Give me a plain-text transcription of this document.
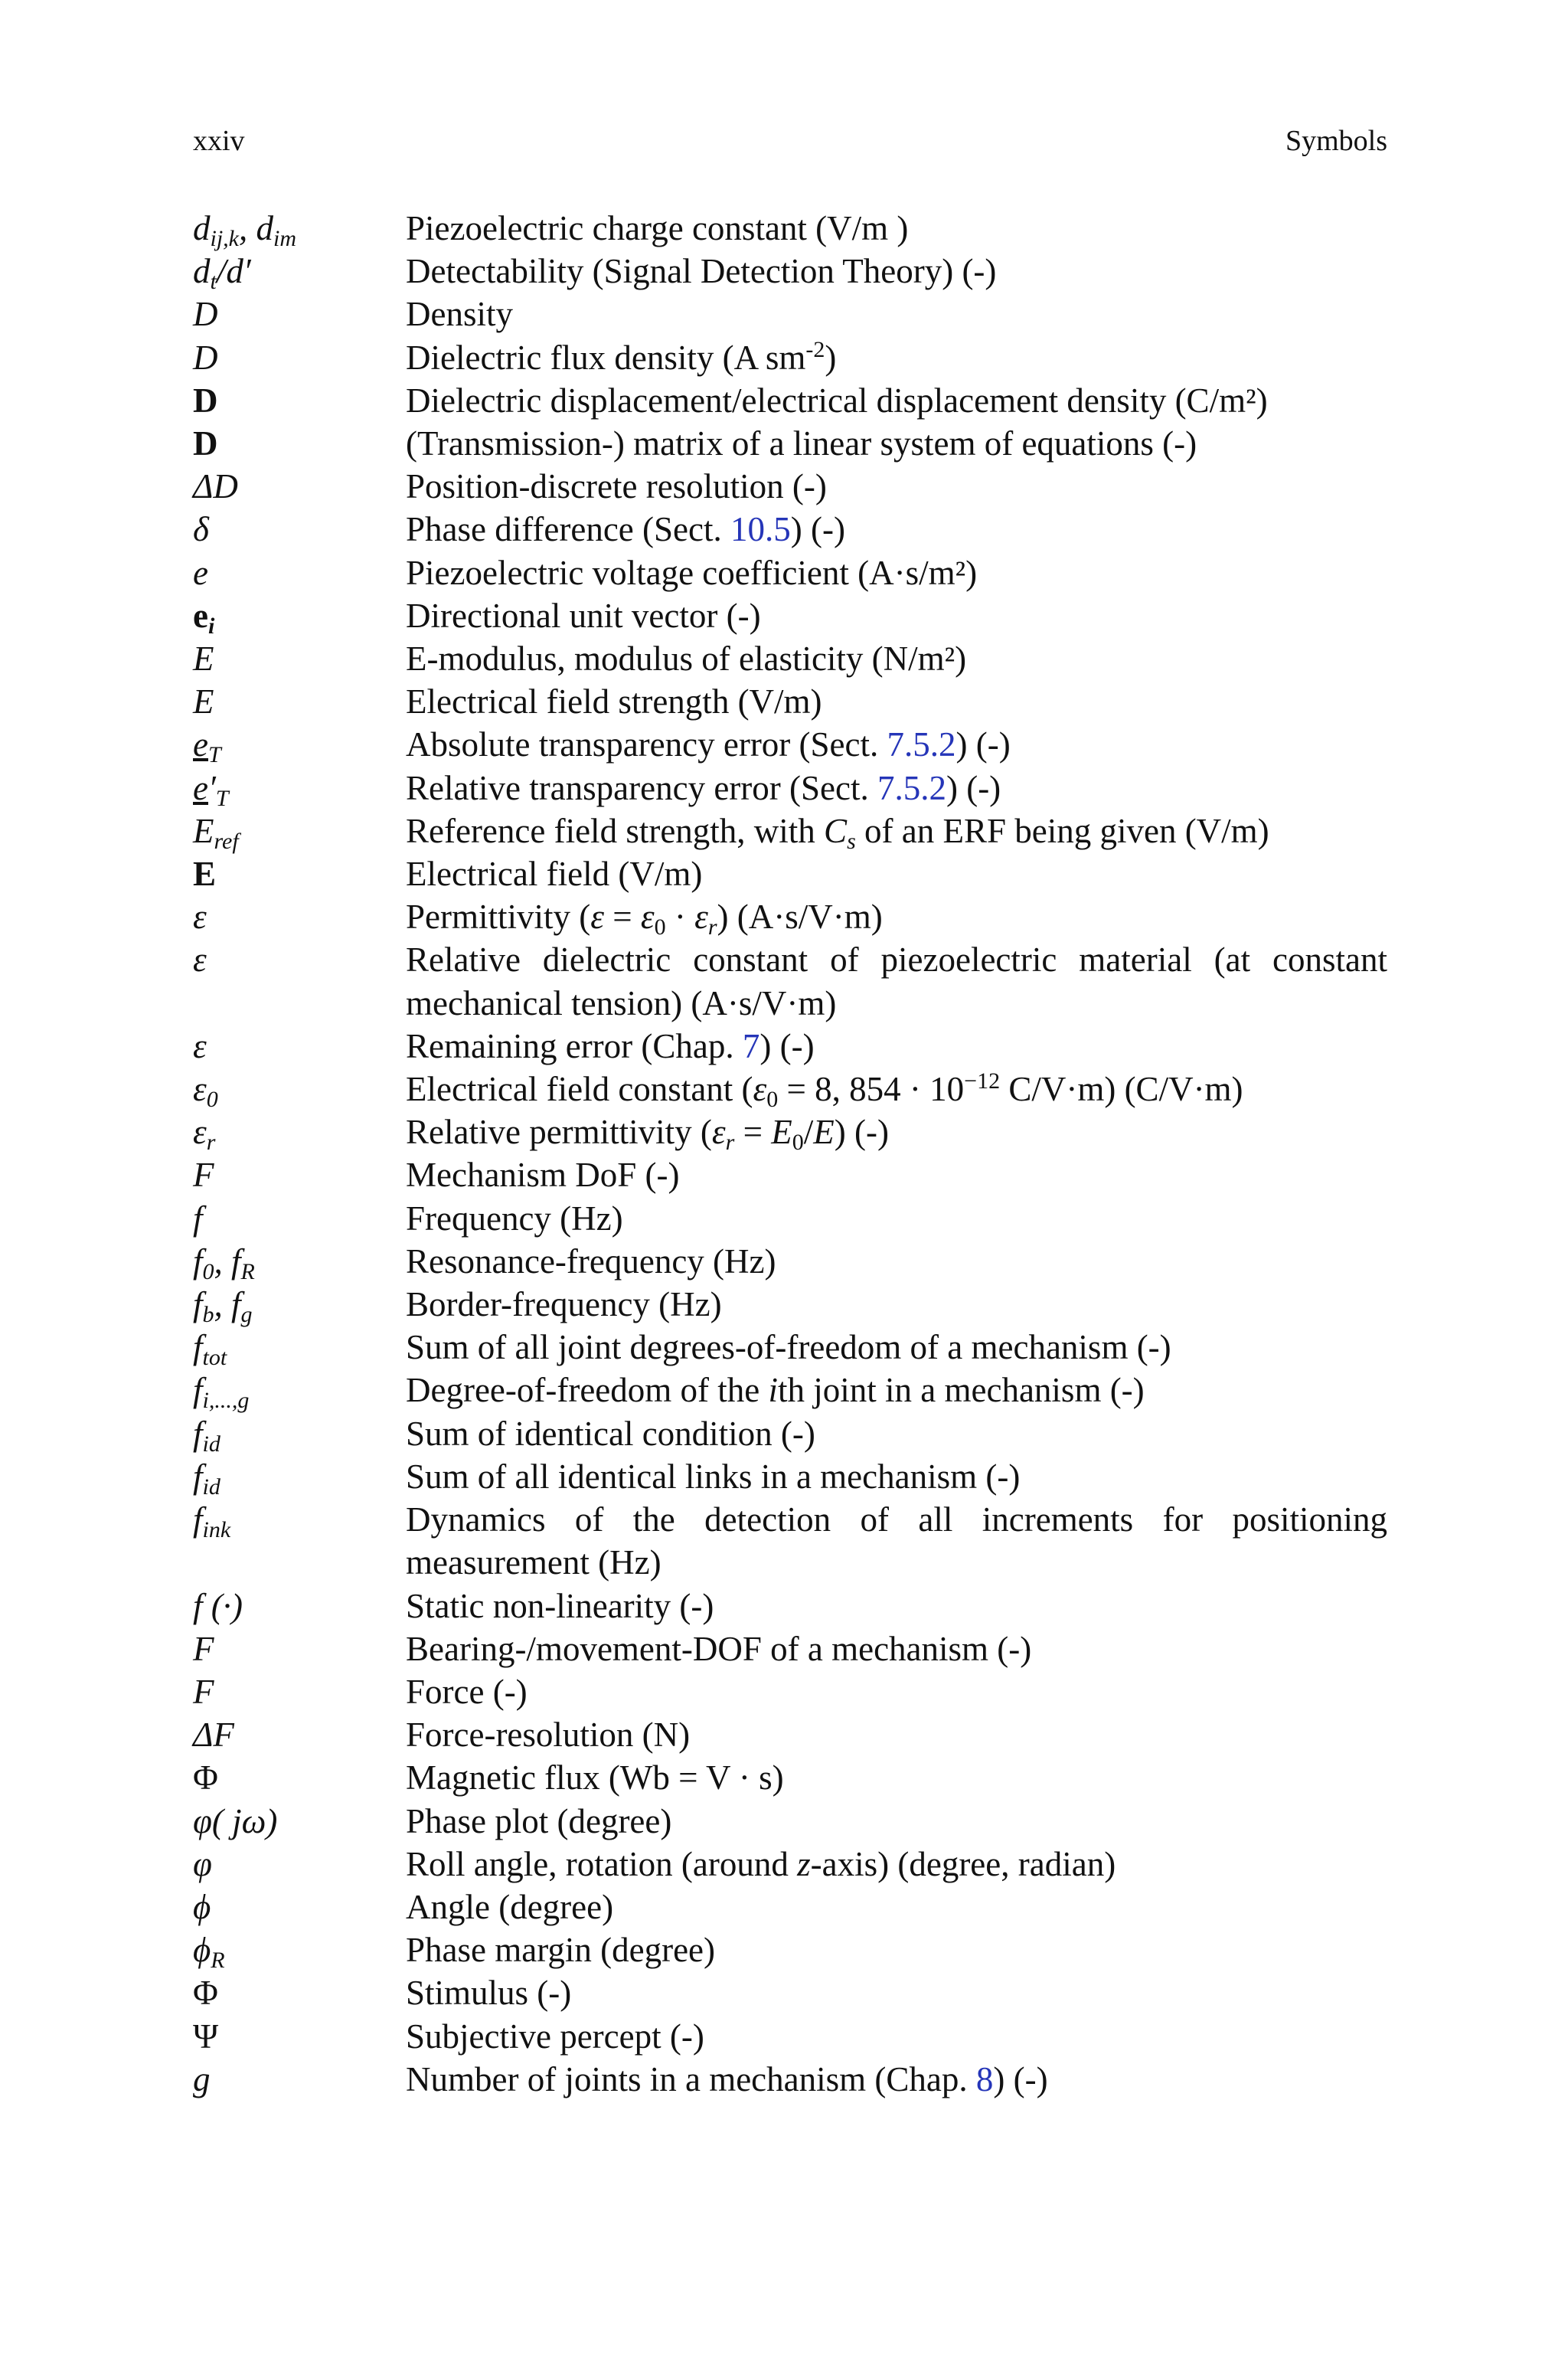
xxiv	Symbols
$d_{ij,k}$, $d_{im}$	Piezoelectric charge constant (V/m )
$d_t/d'$	Detectability (Signal Detection Theory) (-)
D	Density
D	Dielectric flux density (A $sm^{-2}$)
D	Dielectric displacement/electrical displacement density (C/m²)
D	(Transmission-) matrix of a linear system of equations (-)
ΔD	Position-discrete resolution (-)
δ	Phase difference (Sect. 10.5) (-)
e	Piezoelectric voltage coefficient (A·s/m²)
$e_i$	Directional unit vector (-)
E	E-modulus, modulus of elasticity (N/m²)
E	Electrical field strength (V/m)
$e_T$	Absolute transparency error (Sect. 7.5.2) (-)
$e'_T$	Relative transparency error (Sect. 7.5.2) (-)
$E_{ref}$	Reference field strength, with $C_s$ of an ERF being given (V/m)
E	Electrical field (V/m)
ε	Permittivity $(\varepsilon = \varepsilon_0 \cdot \varepsilon_r)$ (A·s/V·m)
ε	Relative dielectric constant of piezoelectric material (at constant mechanical tension) (A·s/V·m)
ε	Remaining error (Chap. 7) (-)
$\varepsilon_0$	Electrical field constant ($\varepsilon_0 = 8$, $854 \cdot 10^{-12}$ C/V·m) (C/V·m)
$\varepsilon_r$	Relative permittivity $(\varepsilon_r = E_0/E)$ (-)
F	Mechanism DoF (-)
f	Frequency (Hz)
$f_0$, $f_R$	Resonance-frequency (Hz)
$f_b$, $f_g$	Border-frequency (Hz)
$f_{tot}$	Sum of all joint degrees-of-freedom of a mechanism (-)
$f_{i,...,g}$	Degree-of-freedom of the ith joint in a mechanism (-)
$f_{id}$	Sum of identical condition (-)
$f_{id}$	Sum of all identical links in a mechanism (-)
$f_{ink}$	Dynamics of the detection of all increments for positioning measurement (Hz)
f (·)	Static non-linearity (-)
F	Bearing-/movement-DOF of a mechanism (-)
F	Force (-)
ΔF	Force-resolution (N)
Φ	Magnetic flux (Wb = V · s)
φ( jω)	Phase plot (degree)
φ	Roll angle, rotation (around z-axis) (degree, radian)
ϕ	Angle (degree)
$\phi_R$	Phase margin (degree)
Φ	Stimulus (-)
Ψ	Subjective percept (-)
g	Number of joints in a mechanism (Chap. 8) (-)
